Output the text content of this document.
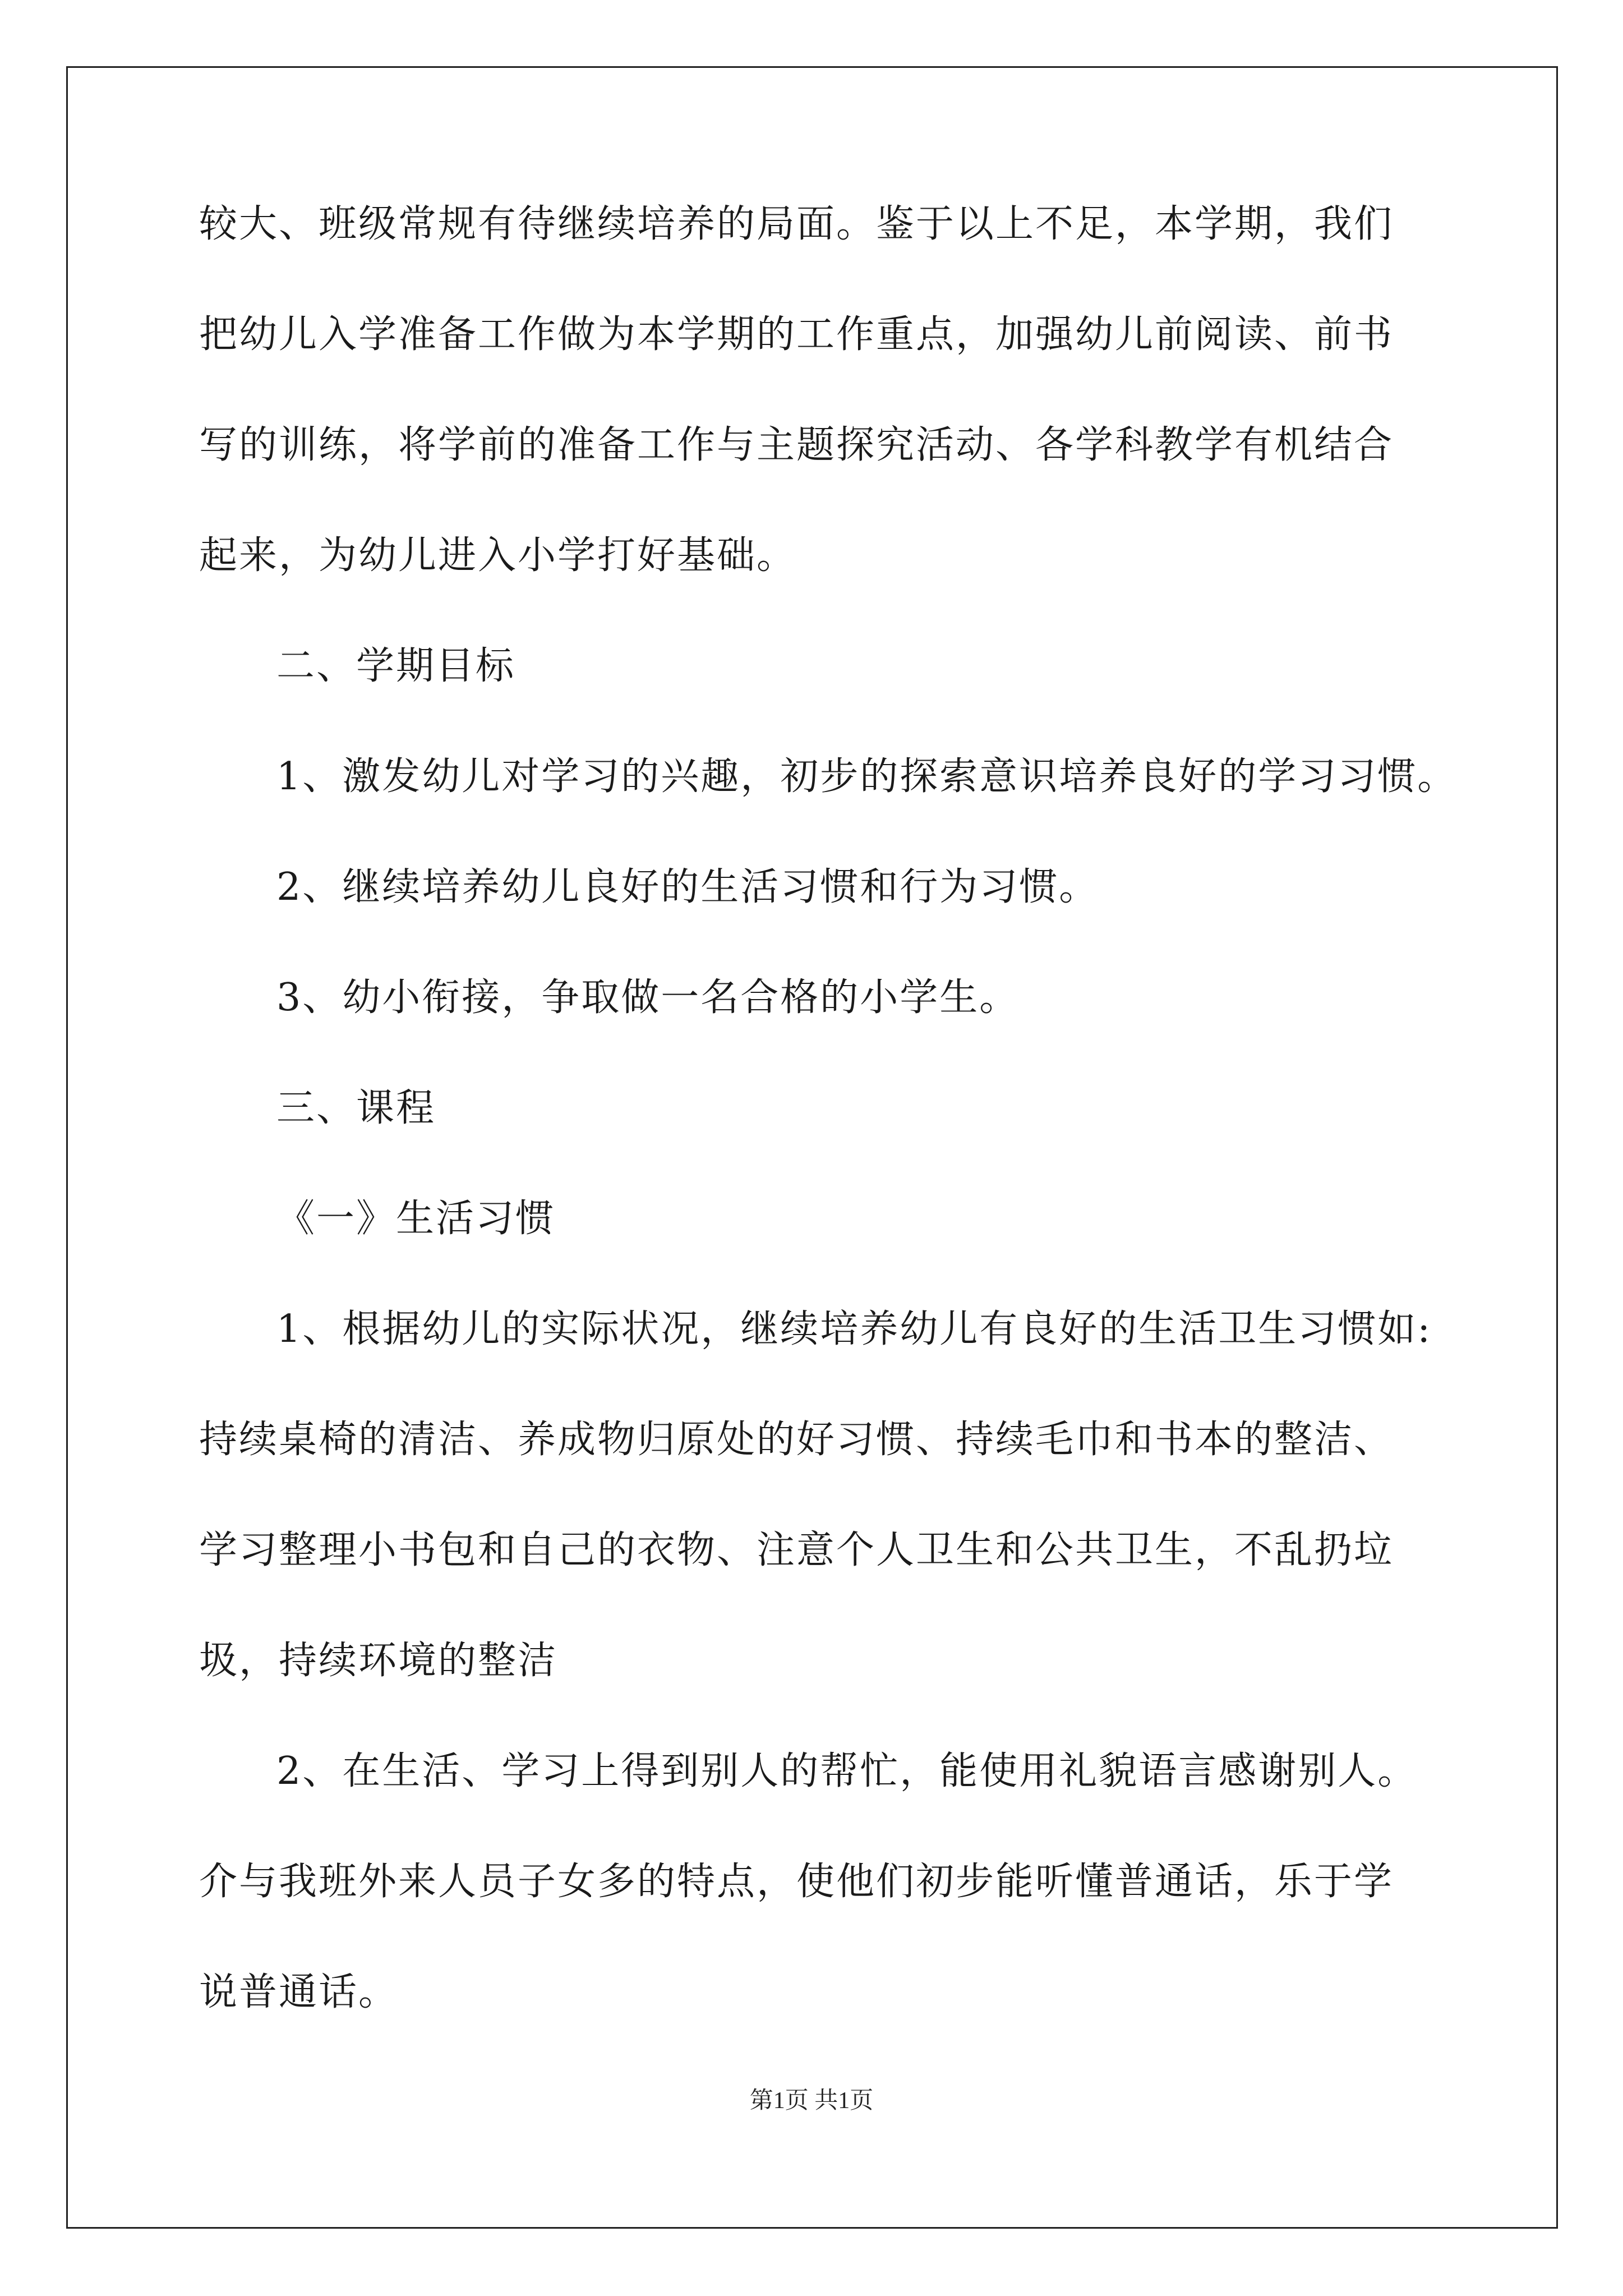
较大、班级常规有待继续培养的局面。鉴于以上不足，本学期，我们
把幼儿入学准备工作做为本学期的工作重点，加强幼儿前阅读、前书
写的训练，将学前的准备工作与主题探究活动、各学科教学有机结合
起来，为幼儿进入小学打好基础。
二、学期目标
1、激发幼儿对学习的兴趣，初步的探索意识培养良好的学习习惯。
2、继续培养幼儿良好的生活习惯和行为习惯。
3、幼小衔接，争取做一名合格的小学生。
三、课程
《一》生活习惯
1、根据幼儿的实际状况，继续培养幼儿有良好的生活卫生习惯如:
持续桌椅的清洁、养成物归原处的好习惯、持续毛巾和书本的整洁、
学习整理小书包和自己的衣物、注意个人卫生和公共卫生，不乱扔垃
圾，持续环境的整洁
2、在生活、学习上得到别人的帮忙，能使用礼貌语言感谢别人。
介与我班外来人员子女多的特点，使他们初步能听懂普通话，乐于学
说普通话。
第1页 共1页
